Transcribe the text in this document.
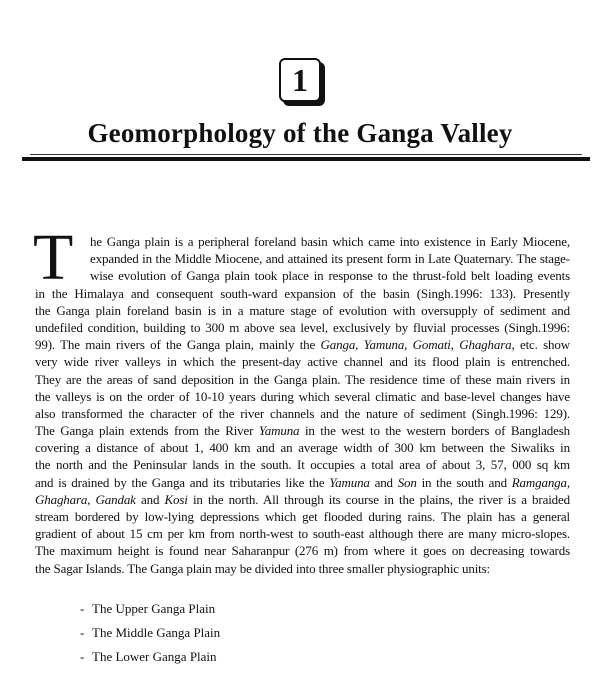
1
Geomorphology of the Ganga Valley
T he Ganga plain is a peripheral foreland basin which came into existence in Early Miocene,
expanded in the Middle Miocene, and attained its present form in Late Quaternary. The stage-
wise evolution of Ganga plain took place in response to the thrust-fold belt loading events
in the Himalaya and consequent south-ward expansion of the basin (Singh.1996: 133). Presently
the Ganga plain foreland basin is in a mature stage of evolution with oversupply of sediment and
undefiled condition, building to 300 m above sea level, exclusively by fluvial processes (Singh.1996:
99). The main rivers of the Ganga plain, mainly the Ganga, Yamuna, Gomati, Ghaghara, etc. show
very wide river valleys in which the present-day active channel and its flood plain is entrenched.
They are the areas of sand deposition in the Ganga plain. The residence time of these main rivers in
the valleys is on the order of 10-10 years during which several climatic and base-level changes have
also transformed the character of the river channels and the nature of sediment (Singh.1996: 129).
The Ganga plain extends from the River Yamuna in the west to the western borders of Bangladesh
covering a distance of about 1, 400 km and an average width of 300 km between the Siwaliks in
the north and the Peninsular lands in the south. It occupies a total area of about 3, 57, 000 sq km
and is drained by the Ganga and its tributaries like the Yamuna and Son in the south and Ramganga,
Ghaghara, Gandak and Kosi in the north. All through its course in the plains, the river is a braided
stream bordered by low-lying depressions which get flooded during rains. The plain has a general
gradient of about 15 cm per km from north-west to south-east although there are many micro-slopes.
The maximum height is found near Saharanpur (276 m) from where it goes on decreasing towards
the Sagar Islands. The Ganga plain may be divided into three smaller physiographic units:
- The Upper Ganga Plain
- The Middle Ganga Plain
- The Lower Ganga Plain
